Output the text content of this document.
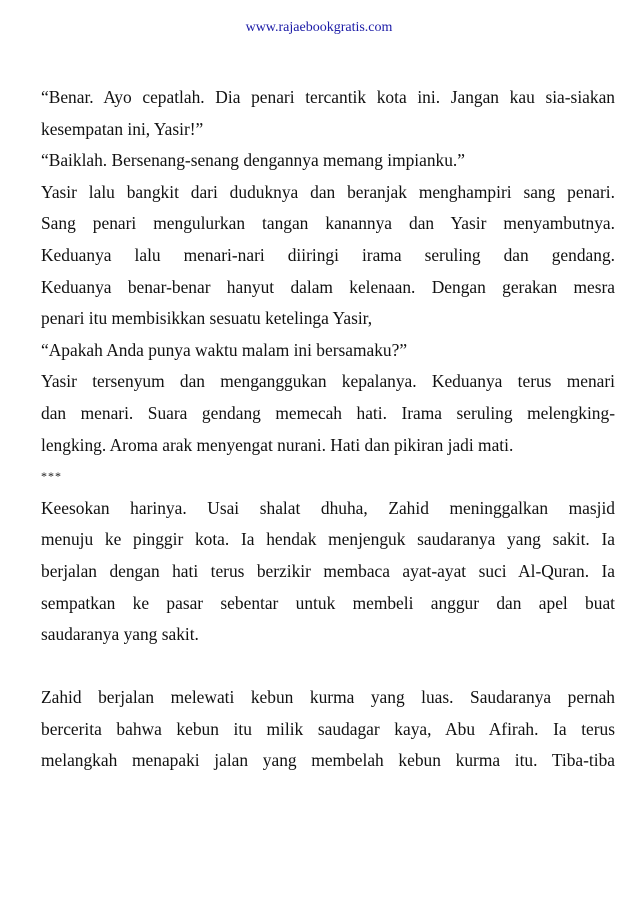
www.rajaebookgratis.com
“Benar. Ayo cepatlah. Dia penari tercantik kota ini. Jangan kau sia-siakan
kesempatan ini, Yasir!”
“Baiklah. Bersenang-senang dengannya memang impianku.”
Yasir lalu bangkit dari duduknya dan beranjak menghampiri sang penari.
Sang penari mengulurkan tangan kanannya dan Yasir menyambutnya.
Keduanya lalu menari-nari diiringi irama seruling dan gendang.
Keduanya benar-benar hanyut dalam kelenaan. Dengan gerakan mesra
penari itu membisikkan sesuatu ketelinga Yasir,
“Apakah Anda punya waktu malam ini bersamaku?”
Yasir tersenyum dan menganggukan kepalanya. Keduanya terus menari
dan menari. Suara gendang memecah hati. Irama seruling melengking-
lengking. Aroma arak menyengat nurani. Hati dan pikiran jadi mati.
***
Keesokan harinya. Usai shalat dhuha, Zahid meninggalkan masjid
menuju ke pinggir kota. Ia hendak menjenguk saudaranya yang sakit. Ia
berjalan dengan hati terus berzikir membaca ayat-ayat suci Al-Quran. Ia
sempatkan ke pasar sebentar untuk membeli anggur dan apel buat
saudaranya yang sakit.
Zahid berjalan melewati kebun kurma yang luas. Saudaranya pernah
bercerita bahwa kebun itu milik saudagar kaya, Abu Afirah. Ia terus
melangkah menapaki jalan yang membelah kebun kurma itu. Tiba-tiba
